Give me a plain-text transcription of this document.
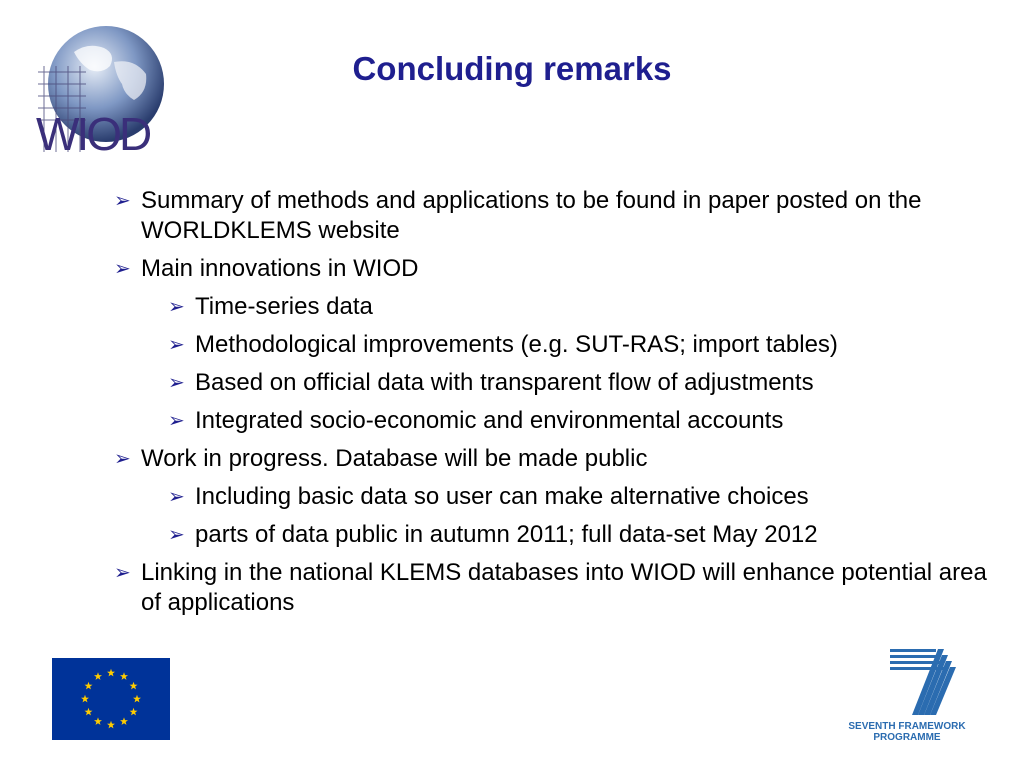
WIOD
Concluding remarks
➢ Summary of methods and applications to be found in paper posted on the WORLDKLEMS website
➢ Main innovations in WIOD
➢ Time-series data
➢ Methodological improvements (e.g. SUT-RAS; import tables)
➢ Based on official data with transparent flow of adjustments
➢ Integrated socio-economic and environmental accounts
➢ Work in progress. Database will be made public
➢ Including basic data so user can make alternative choices
➢ parts of data public in autumn 2011; full data-set May 2012
➢ Linking in the national KLEMS databases into WIOD will enhance potential area of applications
SEVENTH FRAMEWORK
PROGRAMME
